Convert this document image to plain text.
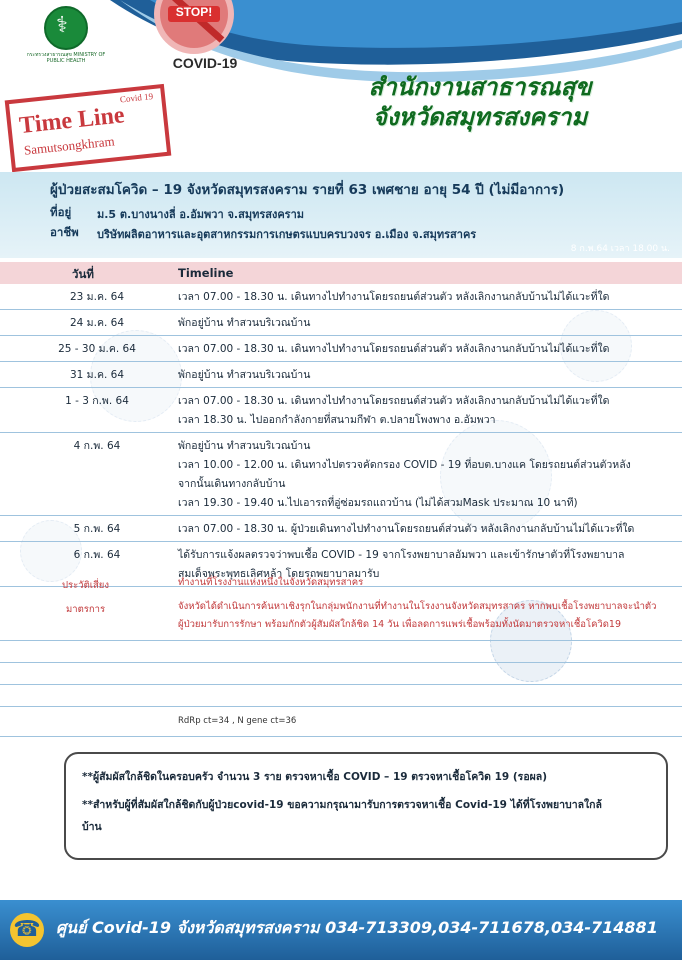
⚕
กระทรวงสาธารณสุข MINISTRY OF PUBLIC HEALTH
STOP!
COVID-19
Covid 19
Time Line
Samutsongkhram
สำนักงานสาธารณสุข
จังหวัดสมุทรสงคราม
ผู้ป่วยสะสมโควิด – 19 จังหวัดสมุทรสงคราม รายที่ 63 เพศชาย อายุ 54 ปี (ไม่มีอาการ)
ที่อยู่ ม.5 ต.บางนางลี่ อ.อัมพวา จ.สมุทรสงคราม
อาชีพ บริษัทผลิตอาหารและอุตสาหกรรมการเกษตรแบบครบวงจร อ.เมือง จ.สมุทรสาคร
8 ก.พ.64 เวลา 18.00 น.
วันที่	Timeline
23 ม.ค. 64	เวลา 07.00 - 18.30 น. เดินทางไปทำงานโดยรถยนต์ส่วนตัว หลังเลิกงานกลับบ้านไม่ได้แวะที่ใด
24 ม.ค. 64	พักอยู่บ้าน ทำสวนบริเวณบ้าน
25 - 30 ม.ค. 64	เวลา 07.00 - 18.30 น. เดินทางไปทำงานโดยรถยนต์ส่วนตัว หลังเลิกงานกลับบ้านไม่ได้แวะที่ใด
31 ม.ค. 64	พักอยู่บ้าน ทำสวนบริเวณบ้าน
1 - 3 ก.พ. 64	เวลา 07.00 - 18.30 น. เดินทางไปทำงานโดยรถยนต์ส่วนตัว หลังเลิกงานกลับบ้านไม่ได้แวะที่ใด
เวลา 18.30 น. ไปออกกำลังกายที่สนามกีฬา ต.ปลายโพงพาง อ.อัมพวา
4 ก.พ. 64	พักอยู่บ้าน ทำสวนบริเวณบ้าน
เวลา 10.00 - 12.00 น. เดินทางไปตรวจคัดกรอง COVID - 19 ที่อบต.บางแค โดยรถยนต์ส่วนตัวหลัง
จากนั้นเดินทางกลับบ้าน
เวลา 19.30 - 19.40 น.ไปเอารถที่อู่ซ่อมรถแถวบ้าน (ไม่ได้สวมMask ประมาณ 10 นาที)
5 ก.พ. 64	เวลา 07.00 - 18.30 น. ผู้ป่วยเดินทางไปทำงานโดยรถยนต์ส่วนตัว หลังเลิกงานกลับบ้านไม่ได้แวะที่ใด
6 ก.พ. 64	ได้รับการแจ้งผลตรวจว่าพบเชื้อ COVID - 19 จากโรงพยาบาลอัมพวา และเข้ารักษาตัวที่โรงพยาบาล
สมเด็จพระพุทธเลิศหล้า โดยรถพยาบาลมารับ
ประวัติเสี่ยง	ทำงานที่โรงงานแห่งหนึ่งในจังหวัดสมุทรสาคร
มาตรการ	จังหวัดได้ดำเนินการค้นหาเชิงรุกในกลุ่มพนักงานที่ทำงานในโรงงานจังหวัดสมุทรสาคร หากพบเชื้อโรงพยาบาลจะนำตัว
ผู้ป่วยมารับการรักษา พร้อมกักตัวผู้สัมผัสใกล้ชิด 14 วัน เพื่อลดการแพร่เชื้อพร้อมทั้งนัดมาตรวจหาเชื้อโควิด19
RdRp ct=34 , N gene ct=36
**ผู้สัมผัสใกล้ชิดในครอบครัว จำนวน 3 ราย ตรวจหาเชื้อ COVID – 19 ตรวจหาเชื้อโควิด 19 (รอผล)
**สำหรับผู้ที่สัมผัสใกล้ชิดกับผู้ป่วยcovid-19 ขอความกรุณามารับการตรวจหาเชื้อ Covid-19 ได้ที่โรงพยาบาลใกล้
บ้าน
☎ ศูนย์ Covid-19 จังหวัดสมุทรสงคราม 034-713309,034-711678,034-714881
